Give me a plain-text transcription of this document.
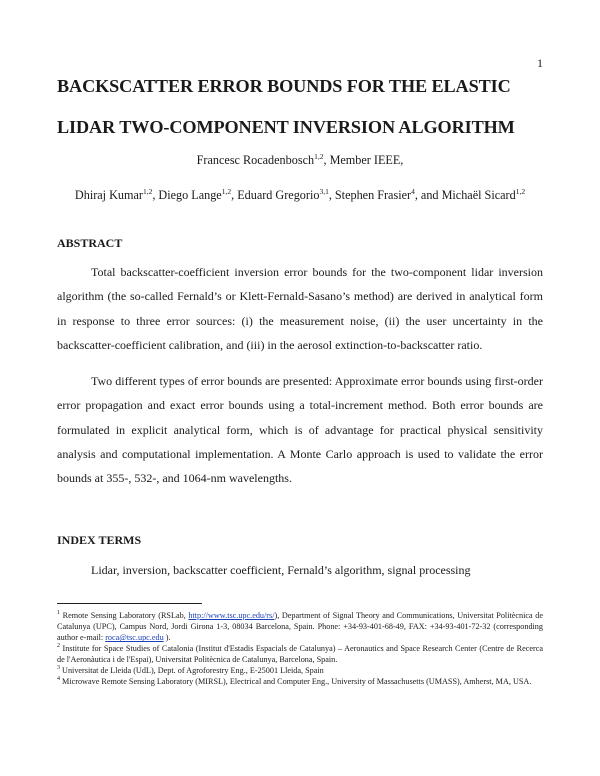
1
BACKSCATTER ERROR BOUNDS FOR THE ELASTIC
LIDAR TWO-COMPONENT INVERSION ALGORITHM
Francesc Rocadenbosch$^{1,2}$, Member IEEE,
Dhiraj Kumar$^{1,2}$, Diego Lange$^{1,2}$, Eduard Gregorio$^{3,1}$, Stephen Frasier$^4$, and Michaël Sicard$^{1,2}$
ABSTRACT

Total backscatter-coefficient inversion error bounds for the two-component lidar inversion algorithm (the so-called Fernald’s or Klett-Fernald-Sasano’s method) are derived in analytical form in response to three error sources: (i) the measurement noise, (ii) the user uncertainty in the backscatter-coefficient calibration, and (iii) in the aerosol extinction-to-backscatter ratio.

Two different types of error bounds are presented: Approximate error bounds using first-order error propagation and exact error bounds using a total-increment method. Both error bounds are formulated in explicit analytical form, which is of advantage for practical physical sensitivity analysis and computational implementation. A Monte Carlo approach is used to validate the error bounds at 355-, 532-, and 1064-nm wavelengths.

INDEX TERMS

Lidar, inversion, backscatter coefficient, Fernald’s algorithm, signal processing

$^1$ Remote Sensing Laboratory (RSLab, http://www.tsc.upc.edu/rs/), Department of Signal Theory and Communications, Universitat Politècnica de Catalunya (UPC), Campus Nord, Jordi Girona 1-3, 08034 Barcelona, Spain. Phone: +34-93-401-68-49, FAX: +34-93-401-72-32 (corresponding author e-mail: roca@tsc.upc.edu ).

$^2$ Institute for Space Studies of Catalonia (Institut d'Estadis Espacials de Catalunya) – Aeronautics and Space Research Center (Centre de Recerca de l'Aeronàutica i de l'Espai), Universitat Politècnica de Catalunya, Barcelona, Spain.

$^3$ Universitat de Lleida (UdL), Dept. of Agroforestry Eng., E-25001 Lleida, Spain

$^4$ Microwave Remote Sensing Laboratory (MIRSL), Electrical and Computer Eng., University of Massachusetts (UMASS), Amherst, MA, USA.
